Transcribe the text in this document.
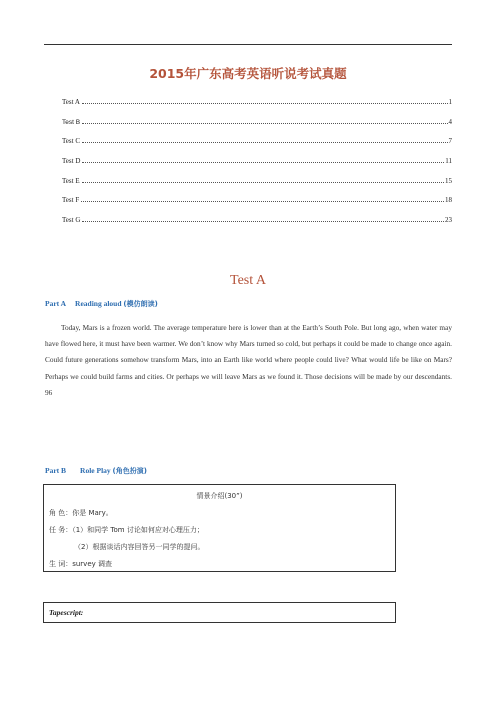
2015年广东高考英语听说考试真题
Test A	1
Test B	4
Test C	7
Test D	11
Test E	15
Test F	18
Test G	23
Test A
Part A Reading aloud (模仿朗读)
Today, Mars is a frozen world. The average temperature here is lower than at the Earth’s South Pole. But long ago, when water may have flowed here, it must have been warmer. We don’t know why Mars turned so cold, but perhaps it could be made to change once again. Could future generations somehow transform Mars, into an Earth like world where people could live? What would life be like on Mars? Perhaps we could build farms and cities. Or perhaps we will leave Mars as we found it. Those decisions will be made by our descendants. 96
Part B Role Play (角色扮演)
情景介绍(30”)
角 色：你是 Mary。
任 务：（1）和同学 Tom 讨论如何应对心理压力；
（2）根据谈话内容回答另一同学的提问。
生 词：survey 调查
Tapescript:
